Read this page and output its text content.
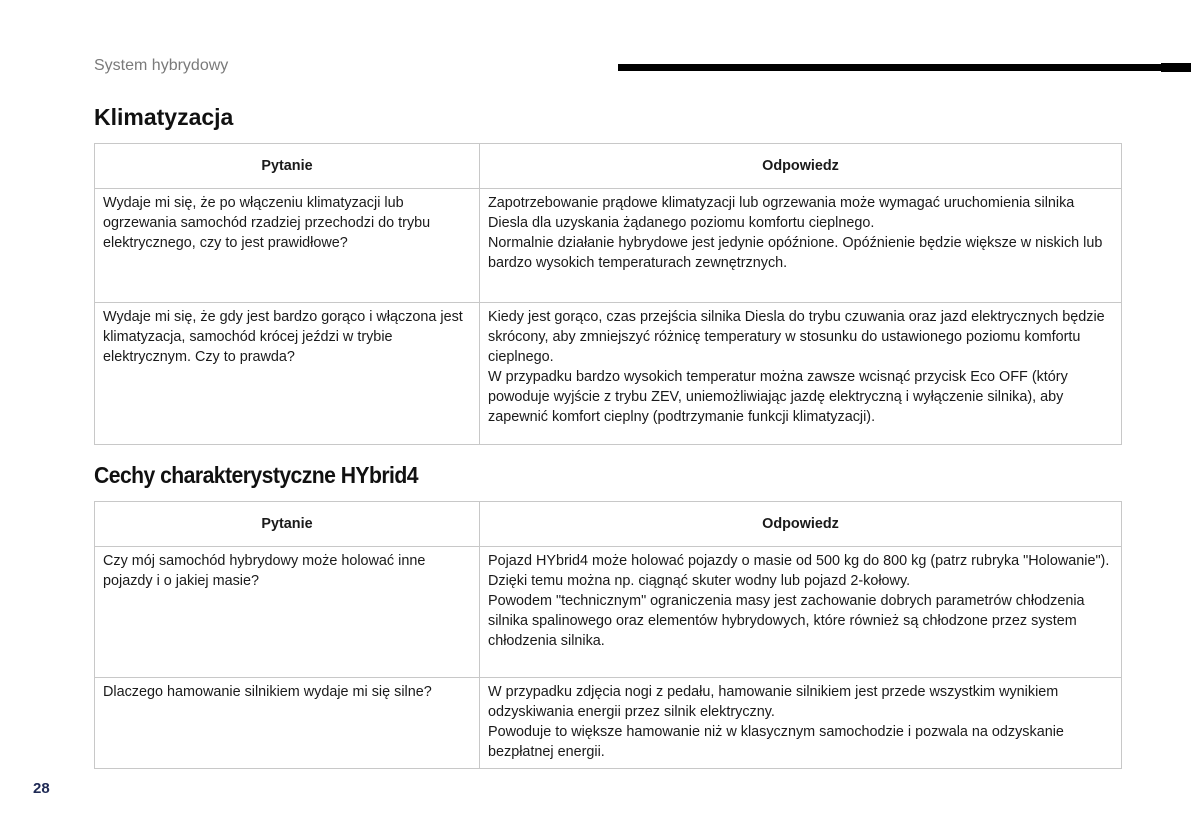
System hybrydowy
Klimatyzacja
Pytanie	Odpowiedz
Wydaje mi się, że po włączeniu klimatyzacji lub ogrzewania samochód rzadziej przechodzi do trybu elektrycznego, czy to jest prawidłowe?	Zapotrzebowanie prądowe klimatyzacji lub ogrzewania może wymagać uruchomienia silnika Diesla dla uzyskania żądanego poziomu komfortu cieplnego.

Normalnie działanie hybrydowe jest jedynie opóźnione. Opóźnienie będzie większe w niskich lub bardzo wysokich temperaturach zewnętrznych.

Wydaje mi się, że gdy jest bardzo gorąco i włączona jest klimatyzacja, samochód krócej jeździ w trybie elektrycznym. Czy to prawda?	Kiedy jest gorąco, czas przejścia silnika Diesla do trybu czuwania oraz jazd elektrycznych będzie skrócony, aby zmniejszyć różnicę temperatury w stosunku do ustawionego poziomu komfortu cieplnego.

W przypadku bardzo wysokich temperatur można zawsze wcisnąć przycisk Eco OFF (który powoduje wyjście z trybu ZEV, uniemożliwiając jazdę elektryczną i wyłączenie silnika), aby zapewnić komfort cieplny (podtrzymanie funkcji klimatyzacji).

Cechy charakterystyczne HYbrid4
Pytanie	Odpowiedz
Czy mój samochód hybrydowy może holować inne pojazdy i o jakiej masie?	Pojazd HYbrid4 może holować pojazdy o masie od 500 kg do 800 kg (patrz rubryka "Holowanie").

Dzięki temu można np. ciągnąć skuter wodny lub pojazd 2-kołowy.

Powodem "technicznym" ograniczenia masy jest zachowanie dobrych parametrów chłodzenia silnika spalinowego oraz elementów hybrydowych, które również są chłodzone przez system chłodzenia silnika.

Dlaczego hamowanie silnikiem wydaje mi się silne?	W przypadku zdjęcia nogi z pedału, hamowanie silnikiem jest przede wszystkim wynikiem odzyskiwania energii przez silnik elektryczny.

Powoduje to większe hamowanie niż w klasycznym samochodzie i pozwala na odzyskanie bezpłatnej energii.

28
